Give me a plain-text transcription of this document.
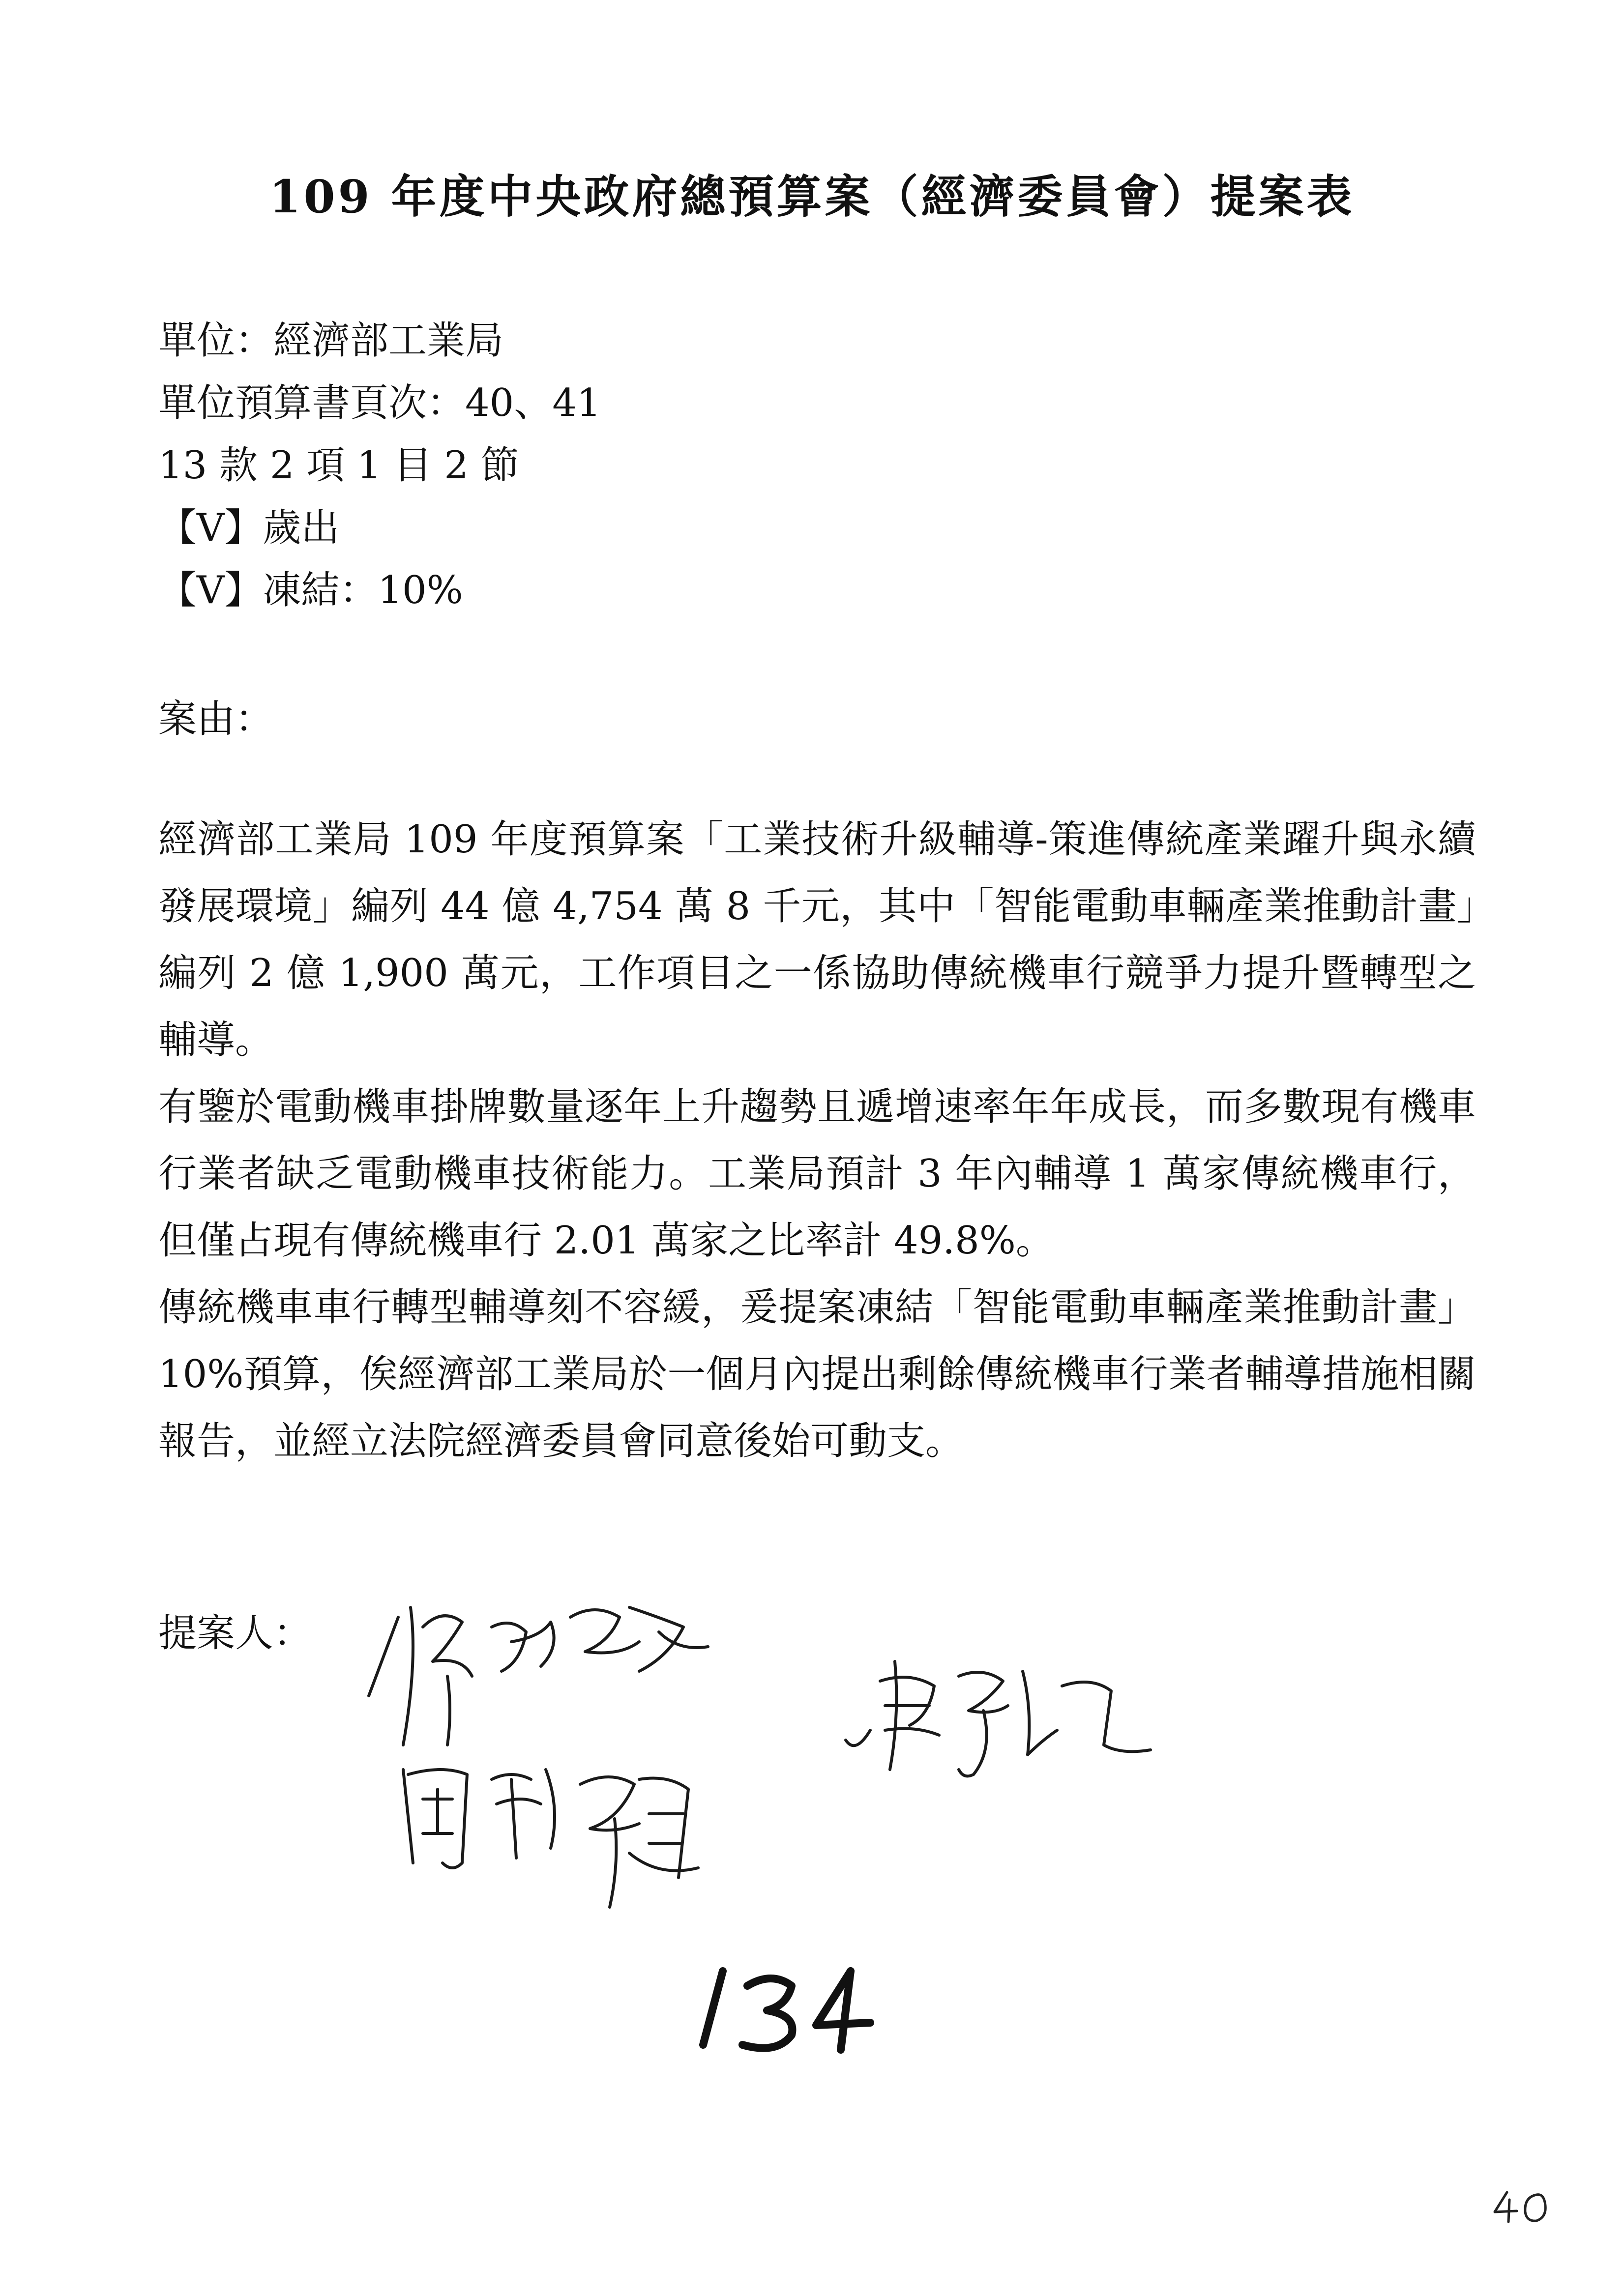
109 年度中央政府總預算案（經濟委員會）提案表
單位：經濟部工業局
單位預算書頁次：40、41
13 款 2 項 1 目 2 節
【V】歲出
【V】凍結：10%
案由：

經濟部工業局 109 年度預算案「工業技術升級輔導-策進傳統產業躍升與永續發展環境」編列 44 億 4,754 萬 8 千元，其中「智能電動車輛產業推動計畫」編列 2 億 1,900 萬元，工作項目之一係協助傳統機車行競爭力提升暨轉型之輔導。

有鑒於電動機車掛牌數量逐年上升趨勢且遞增速率年年成長，而多數現有機車行業者缺乏電動機車技術能力。工業局預計 3 年內輔導 1 萬家傳統機車行，但僅占現有傳統機車行 2.01 萬家之比率計 49.8%。

傳統機車車行轉型輔導刻不容緩，爰提案凍結「智能電動車輛產業推動計畫」10%預算，俟經濟部工業局於一個月內提出剩餘傳統機車行業者輔導措施相關報告，並經立法院經濟委員會同意後始可動支。

提案人：
